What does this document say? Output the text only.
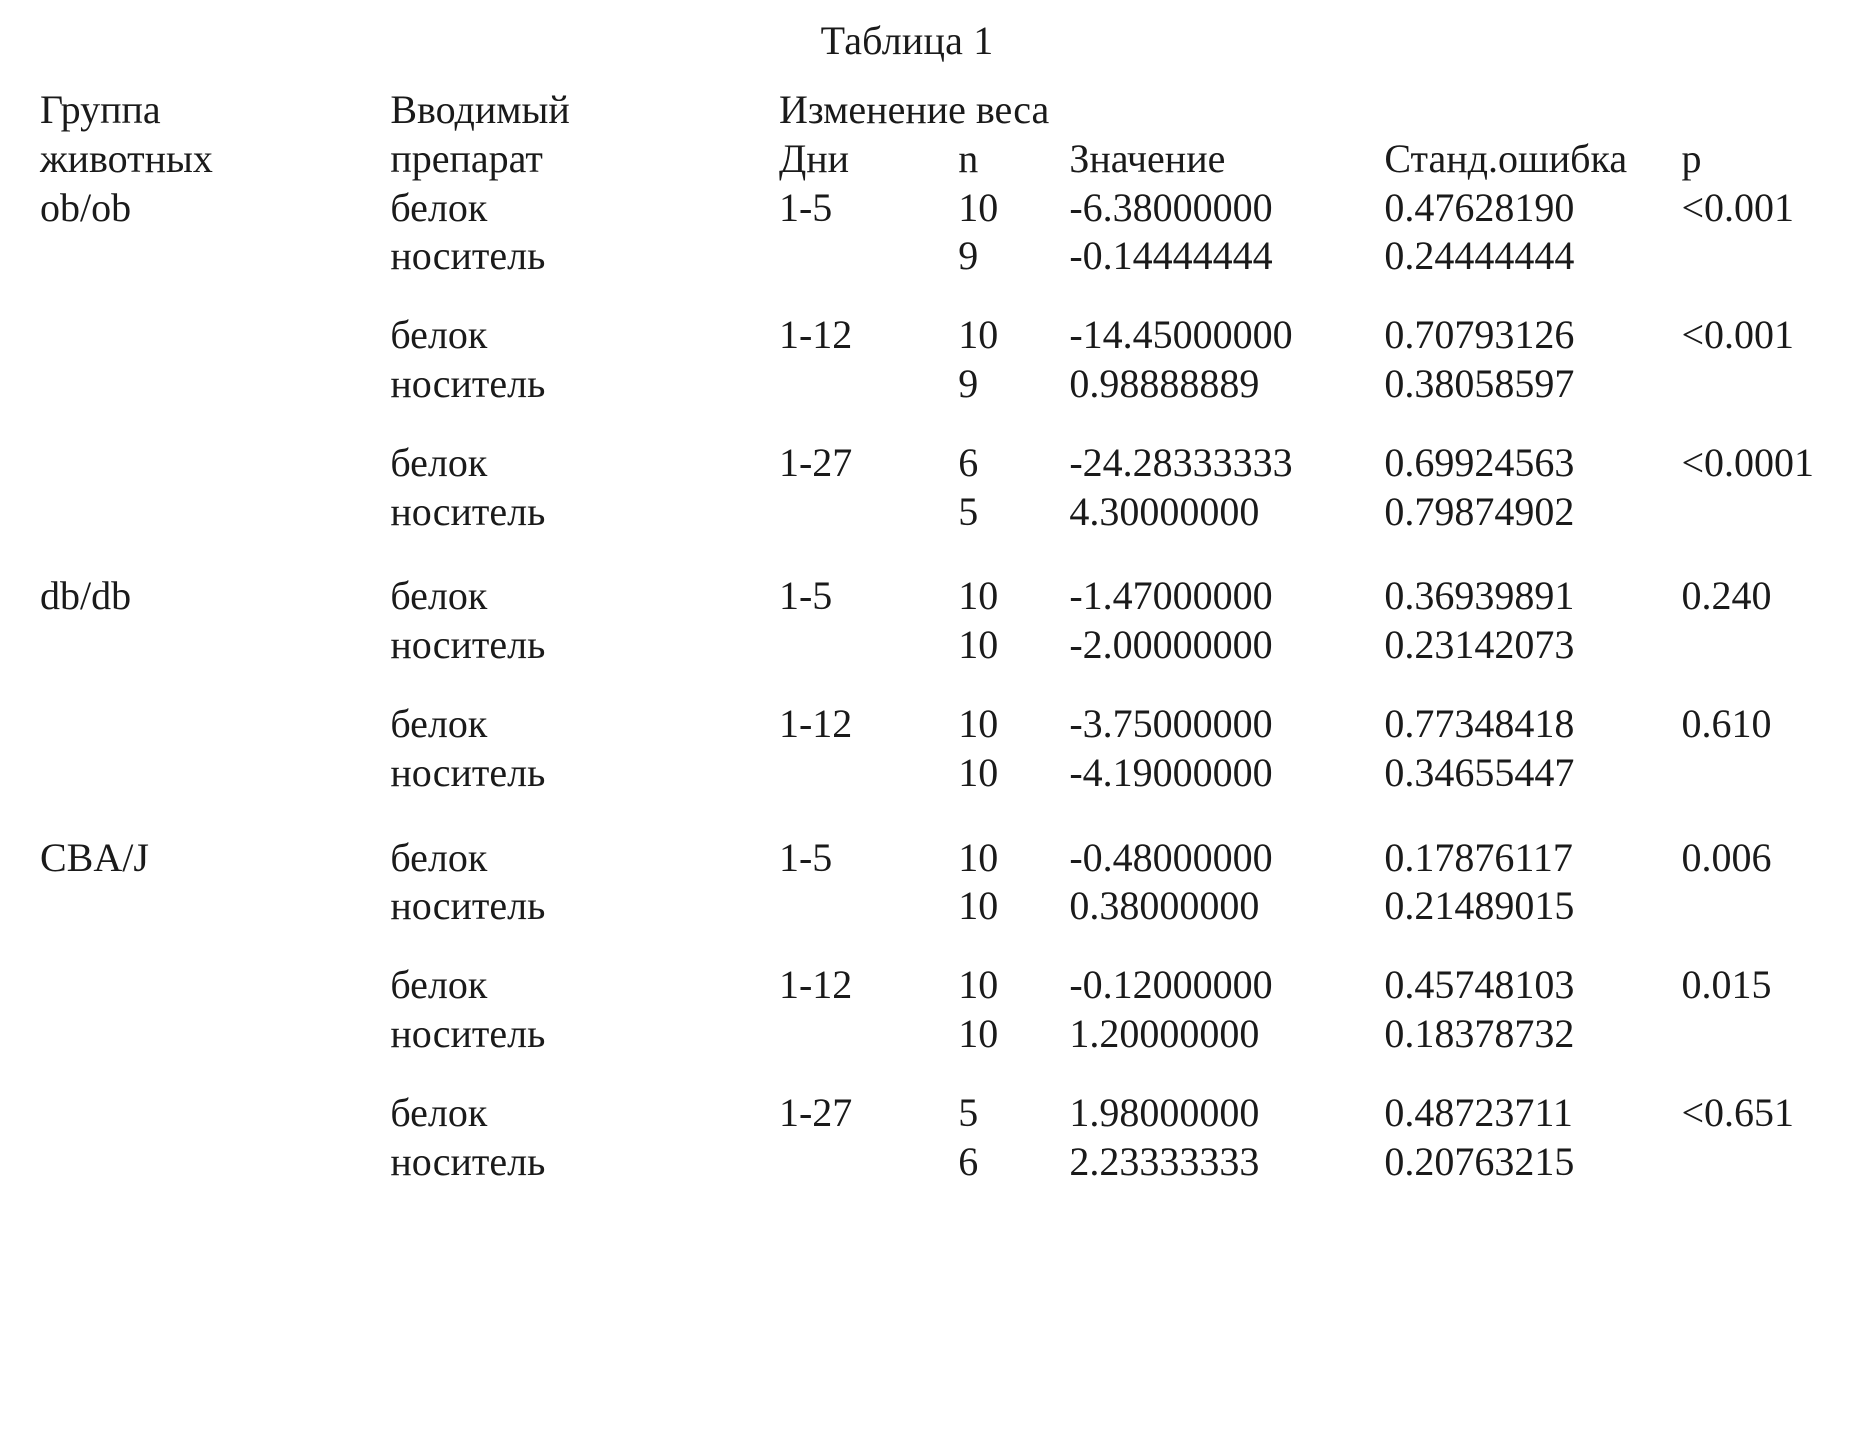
Таблица 1
Группа	Вводимый	Изменение веса				
животных	препарат	Дни	n	Значение	Станд.ошибка	p
ob/ob	белок	1-5	10	-6.38000000	0.47628190	<0.001
	носитель		9	-0.14444444	0.24444444	
	белок	1-12	10	-14.45000000	0.70793126	<0.001
	носитель		9	0.98888889	0.38058597	
	белок	1-27	6	-24.28333333	0.69924563	<0.0001
	носитель		5	4.30000000	0.79874902	
db/db	белок	1-5	10	-1.47000000	0.36939891	0.240
	носитель		10	-2.00000000	0.23142073	
	белок	1-12	10	-3.75000000	0.77348418	0.610
	носитель		10	-4.19000000	0.34655447	
CBA/J	белок	1-5	10	-0.48000000	0.17876117	0.006
	носитель		10	0.38000000	0.21489015	
	белок	1-12	10	-0.12000000	0.45748103	0.015
	носитель		10	1.20000000	0.18378732	
	белок	1-27	5	1.98000000	0.48723711	<0.651
	носитель		6	2.23333333	0.20763215	
